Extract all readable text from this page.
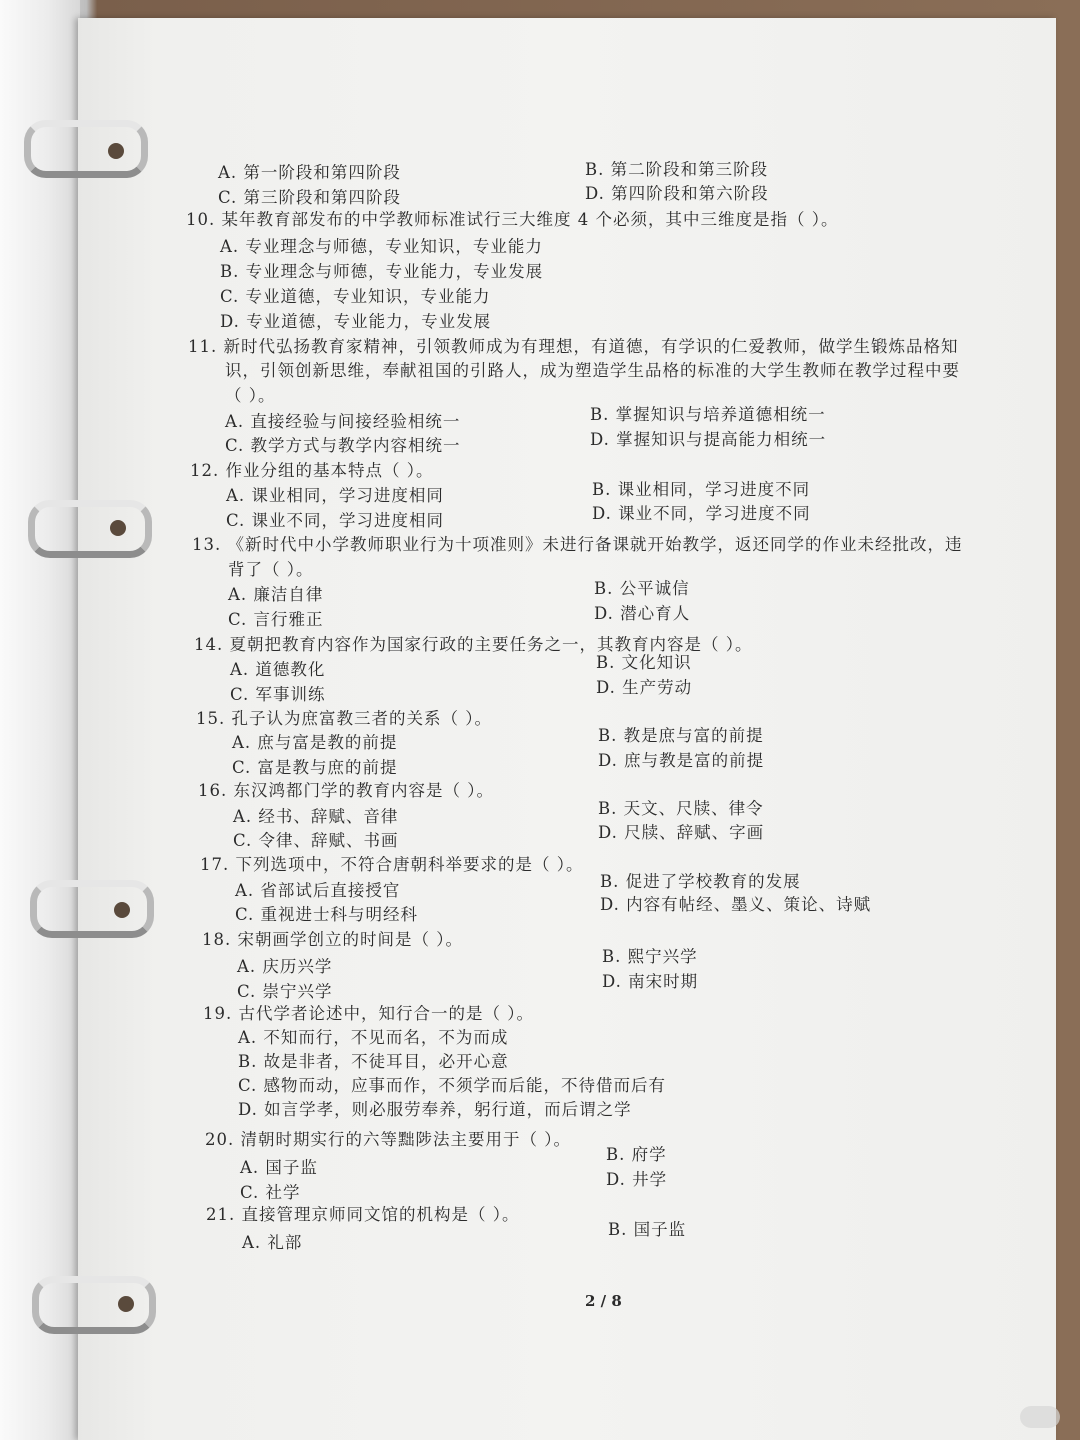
A. 第一阶段和第四阶段	B. 第二阶段和第三阶段
C. 第三阶段和第四阶段	D. 第四阶段和第六阶段
10. 某年教育部发布的中学教师标准试行三大维度 4 个必须，其中三维度是指（ ）。
A. 专业理念与师德，专业知识，专业能力
B. 专业理念与师德，专业能力，专业发展
C. 专业道德，专业知识，专业能力
D. 专业道德，专业能力，专业发展
11. 新时代弘扬教育家精神，引领教师成为有理想，有道德，有学识的仁爱教师，做学生锻炼品格知
识，引领创新思维，奉献祖国的引路人，成为塑造学生品格的标准的大学生教师在教学过程中要
（ ）。
A. 直接经验与间接经验相统一	B. 掌握知识与培养道德相统一
C. 教学方式与教学内容相统一	D. 掌握知识与提高能力相统一
12. 作业分组的基本特点（ ）。
A. 课业相同，学习进度相同	B. 课业相同，学习进度不同
C. 课业不同，学习进度相同	D. 课业不同，学习进度不同
13. 《新时代中小学教师职业行为十项准则》未进行备课就开始教学，返还同学的作业未经批改，违
背了（ ）。
A. 廉洁自律	B. 公平诚信
C. 言行雅正	D. 潜心育人
14. 夏朝把教育内容作为国家行政的主要任务之一，其教育内容是（ ）。
A. 道德教化	B. 文化知识
C. 军事训练	D. 生产劳动
15. 孔子认为庶富教三者的关系（ ）。
A. 庶与富是教的前提	B. 教是庶与富的前提
C. 富是教与庶的前提	D. 庶与教是富的前提
16. 东汉鸿都门学的教育内容是（ ）。
A. 经书、辞赋、音律	B. 天文、尺牍、律令
C. 令律、辞赋、书画	D. 尺牍、辞赋、字画
17. 下列选项中，不符合唐朝科举要求的是（ ）。
A. 省部试后直接授官	B. 促进了学校教育的发展
C. 重视进士科与明经科
D. 内容有帖经、墨义、策论、诗赋
18. 宋朝画学创立的时间是（ ）。
A. 庆历兴学
B. 熙宁兴学
C. 崇宁兴学
D. 南宋时期
19. 古代学者论述中，知行合一的是（ ）。
A. 不知而行，不见而名，不为而成
B. 故是非者，不徒耳目，必开心意
C. 感物而动，应事而作，不须学而后能，不待借而后有
D. 如言学孝，则必服劳奉养，躬行道，而后谓之学
20. 清朝时期实行的六等黜陟法主要用于（ ）。
A. 国子监
B. 府学
C. 社学
D. 井学
21. 直接管理京师同文馆的机构是（ ）。
A. 礼部
B. 国子监
2 / 8
